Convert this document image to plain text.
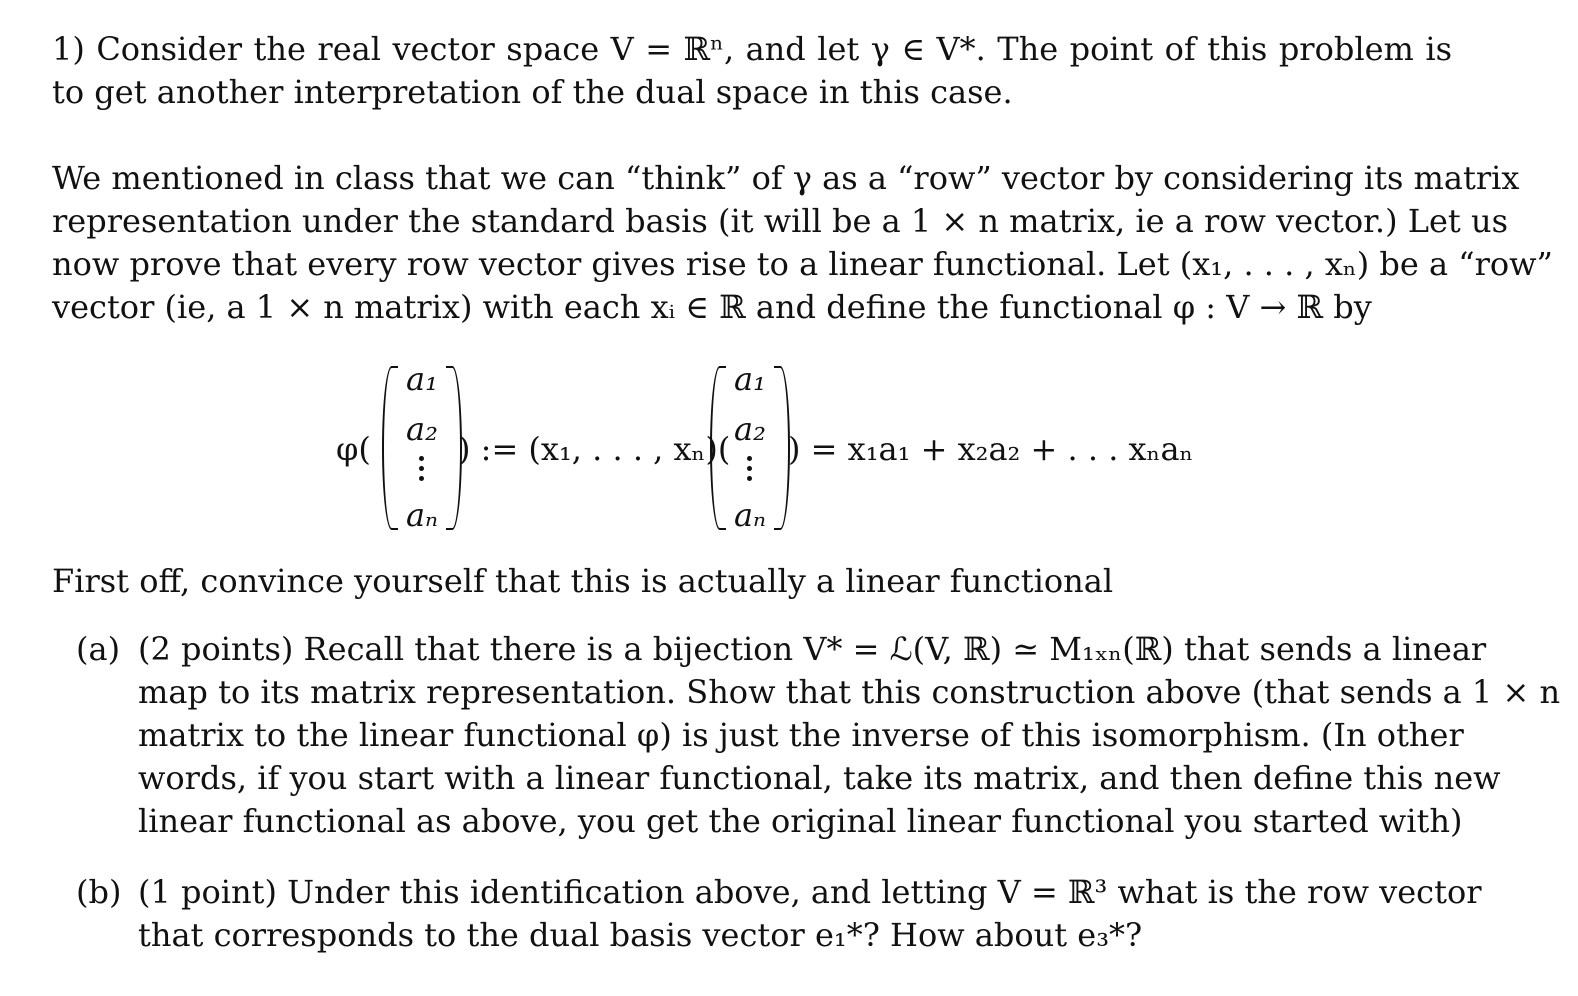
1) Consider the real vector space V = ℝⁿ, and let γ ∈ V*. The point of this problem is
to get another interpretation of the dual space in this case.
We mentioned in class that we can “think” of γ as a “row” vector by considering its matrix
representation under the standard basis (it will be a 1 × n matrix, ie a row vector.) Let us
now prove that every row vector gives rise to a linear functional. Let (x₁, . . . , xₙ) be a “row”
vector (ie, a 1 × n matrix) with each xᵢ ∈ ℝ and define the functional φ : V → ℝ by
φ(
a₁
a₂
aₙ
) := (x₁, . . . , xₙ)(
a₁
a₂
aₙ
) = x₁a₁ + x₂a₂ + . . . xₙaₙ
First off, convince yourself that this is actually a linear functional
(a) (2 points) Recall that there is a bijection V* = ℒ(V, ℝ) ≃ M₁ₓₙ(ℝ) that sends a linear
map to its matrix representation. Show that this construction above (that sends a 1 × n
matrix to the linear functional φ) is just the inverse of this isomorphism. (In other
words, if you start with a linear functional, take its matrix, and then define this new
linear functional as above, you get the original linear functional you started with)
(b) (1 point) Under this identification above, and letting V = ℝ³ what is the row vector
that corresponds to the dual basis vector e₁*? How about e₃*?
